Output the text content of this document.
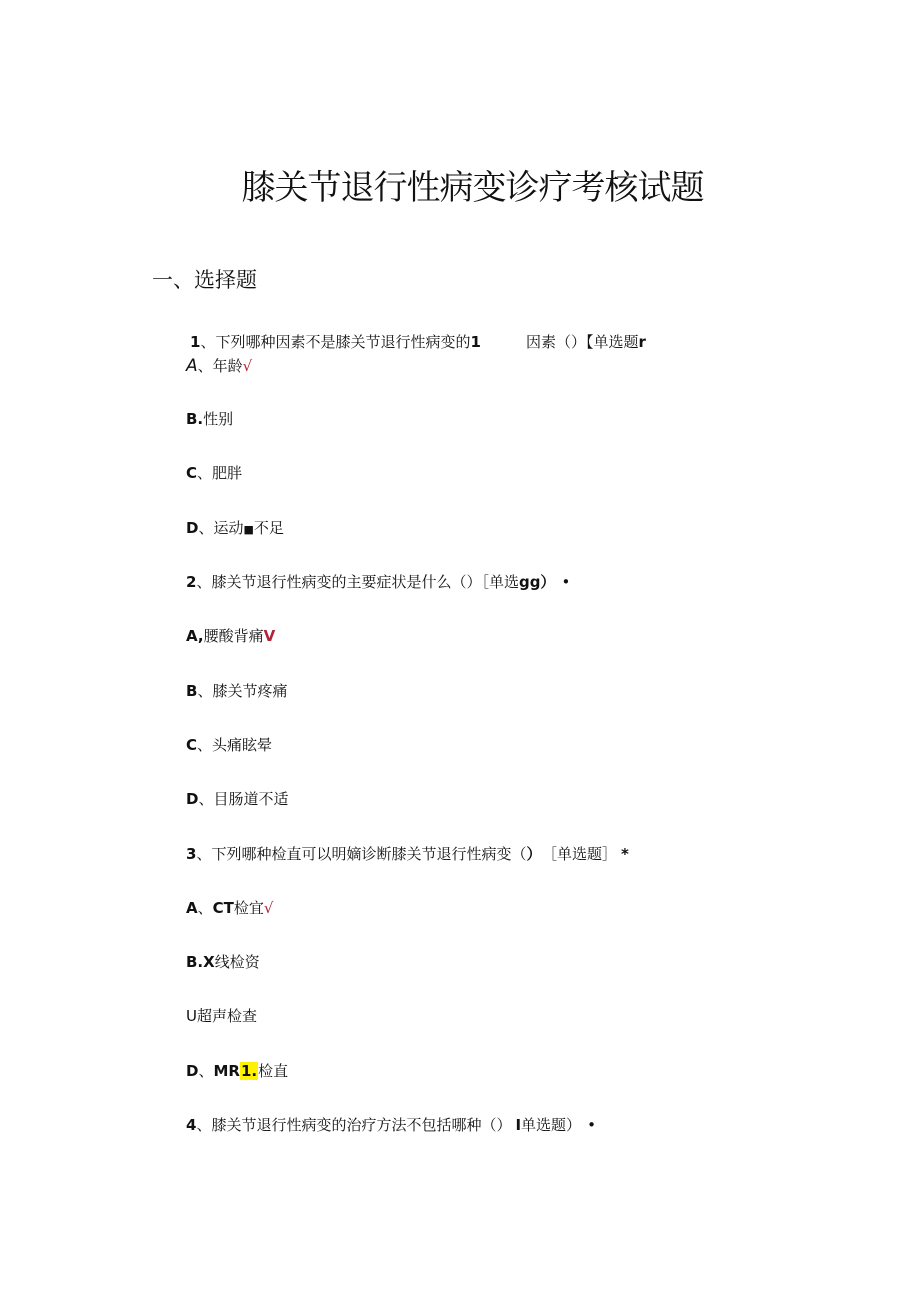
膝关节退行性病变诊疗考核试题
一、选择题
1、下列哪种因素不是膝关节退行性病变的1	因素（）【单选题r
A、年龄√
B.性别
C、肥胖
D、运动■不足
2、膝关节退行性病变的主要症状是什么（）［单选gg） •
A,腰酸背痛V
B、膝关节疼痛
C、头痛眩晕
D、目肠道不适
3、下列哪种检直可以明嫡诊断膝关节退行性病变（） ［单选题］ *
A、CT检宜√
B.X线检资
U超声检查
D、MR1.检直
4、膝关节退行性病变的治疗方法不包括哪种（） I单选题） •
